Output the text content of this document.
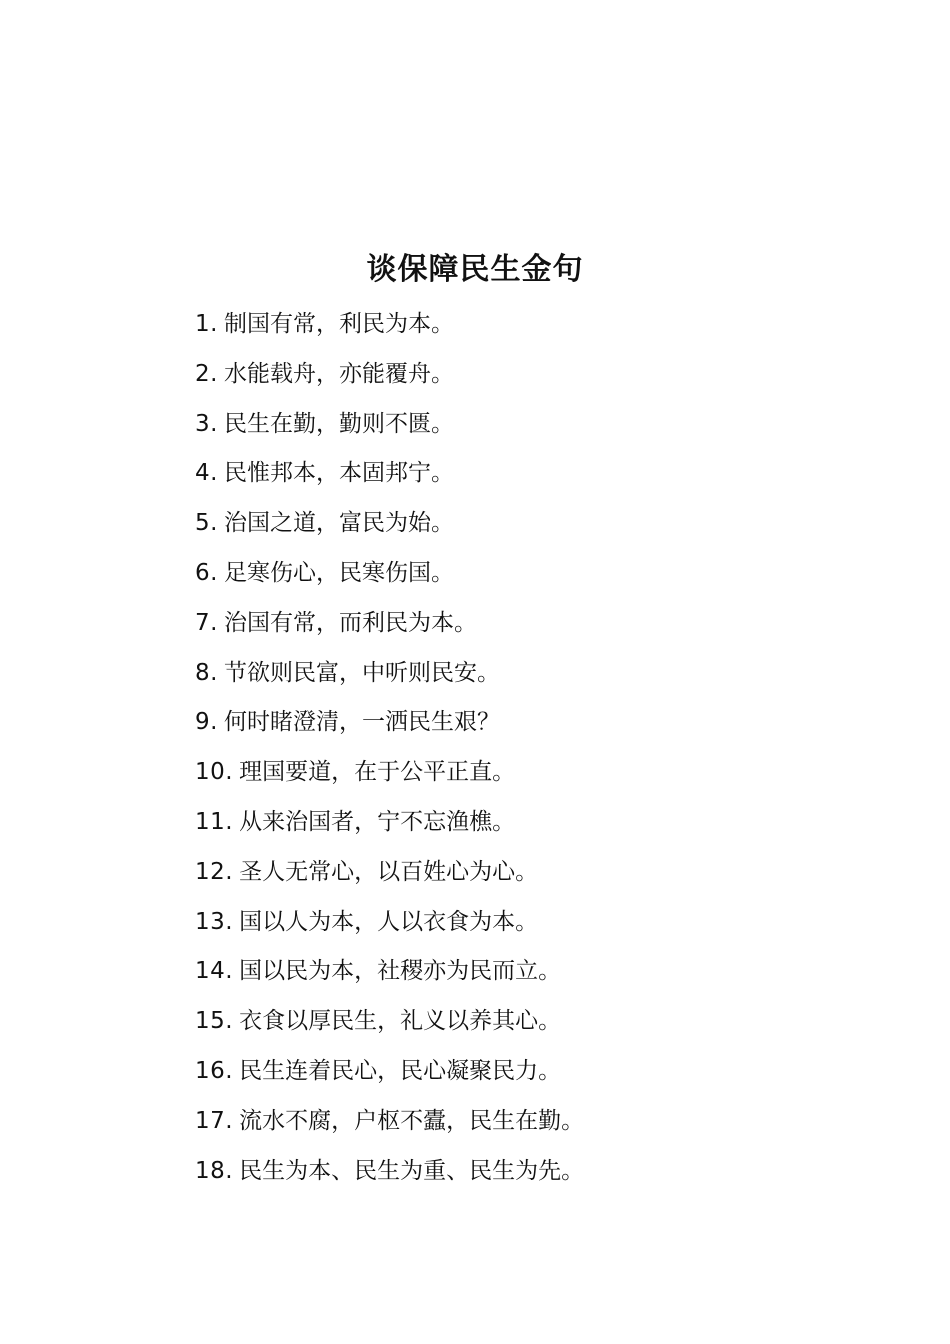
谈保障民生金句
1. 制国有常，利民为本。
2. 水能载舟，亦能覆舟。
3. 民生在勤，勤则不匮。
4. 民惟邦本，本固邦宁。
5. 治国之道，富民为始。
6. 足寒伤心，民寒伤国。
7. 治国有常，而利民为本。
8. 节欲则民富，中听则民安。
9. 何时睹澄清，一洒民生艰？
10. 理国要道，在于公平正直。
11. 从来治国者，宁不忘渔樵。
12. 圣人无常心，以百姓心为心。
13. 国以人为本，人以衣食为本。
14. 国以民为本，社稷亦为民而立。
15. 衣食以厚民生，礼义以养其心。
16. 民生连着民心，民心凝聚民力。
17. 流水不腐，户枢不蠹，民生在勤。
18. 民生为本、民生为重、民生为先。
